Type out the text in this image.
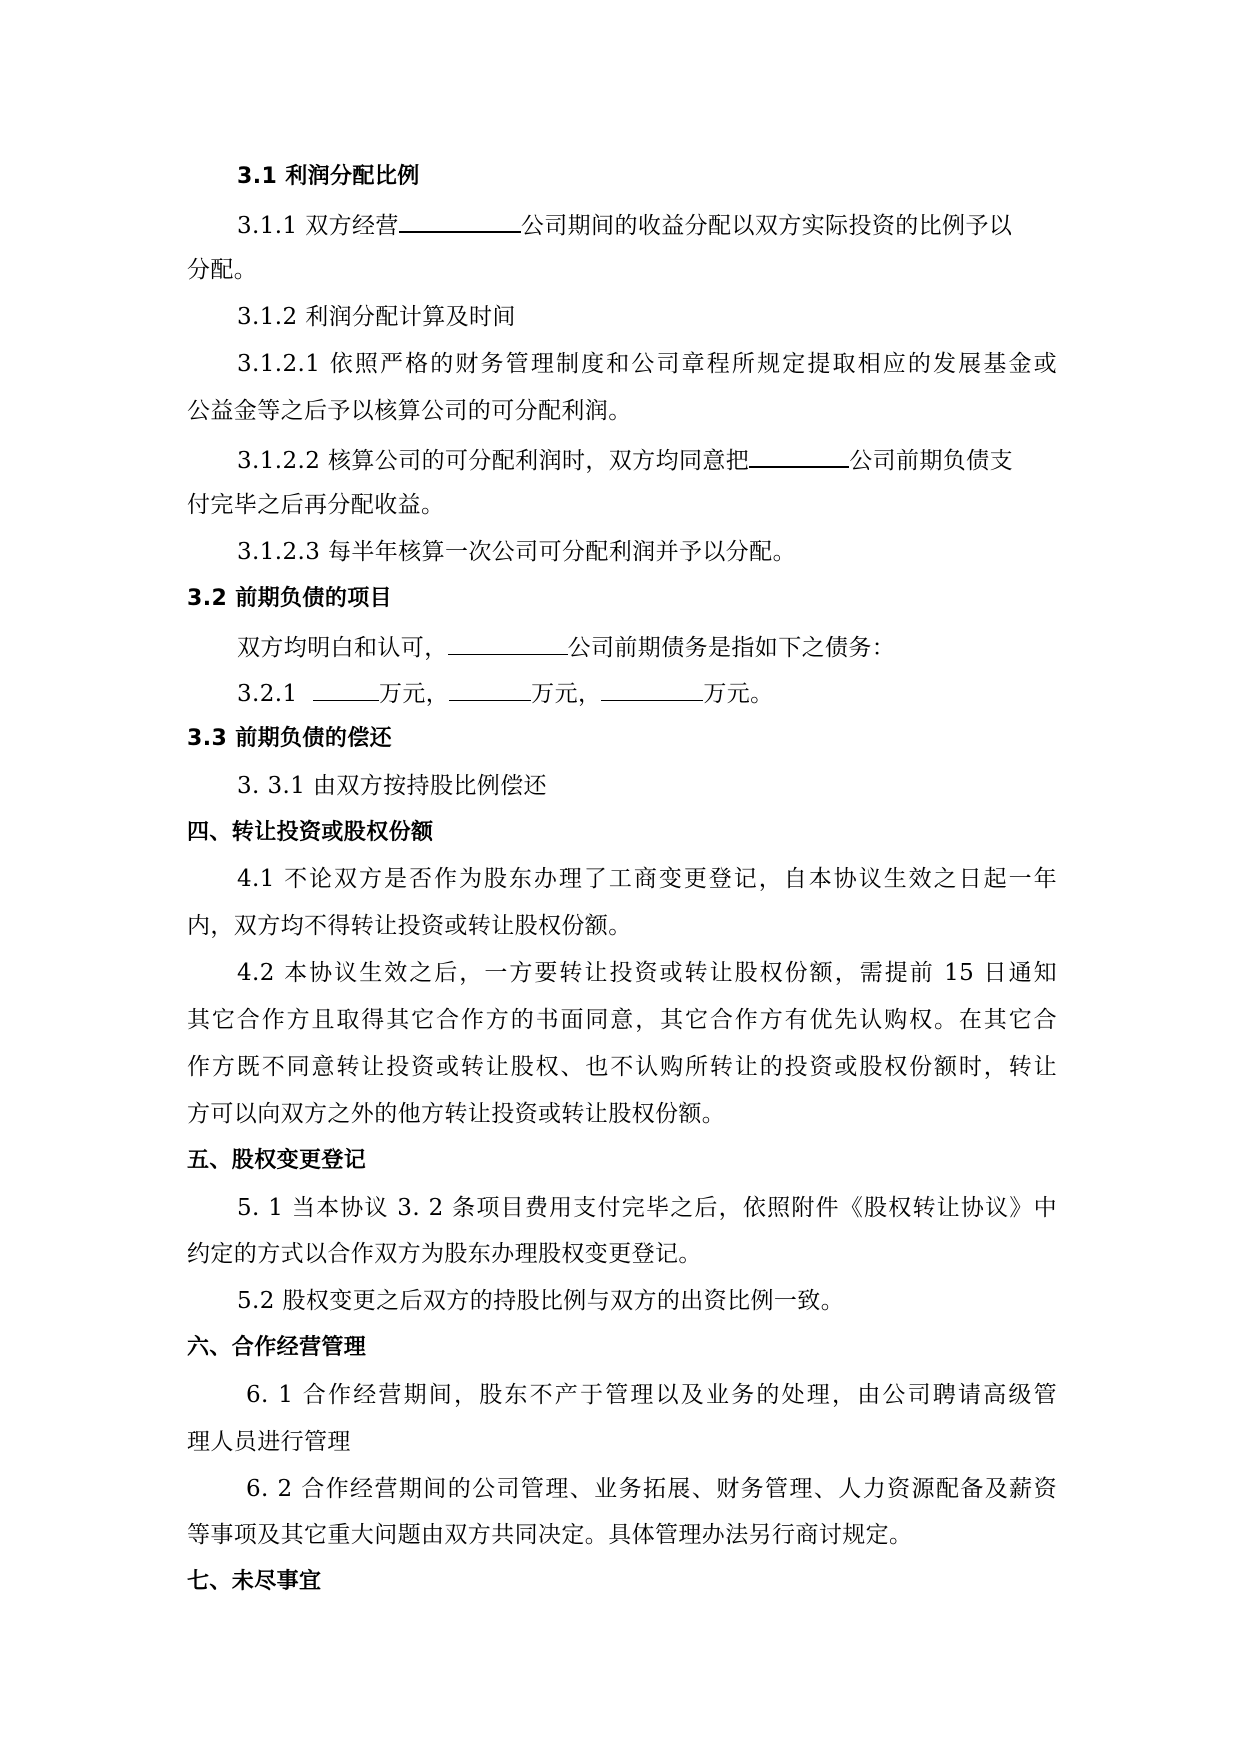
3.1 利润分配比例
3.1.1 双方经营	公司期间的收益分配以双方实际投资的比例予以
分配。
3.1.2 利润分配计算及时间
3.1.2.1 依照严格的财务管理制度和公司章程所规定提取相应的发展基金或
公益金等之后予以核算公司的可分配利润。
3.1.2.2 核算公司的可分配利润时，双方均同意把	公司前期负债支
付完毕之后再分配收益。
3.1.2.3 每半年核算一次公司可分配利润并予以分配。
3.2 前期负债的项目
双方均明白和认可，	公司前期债务是指如下之债务：
3.2.1	万元，	万元，	万元。
3.3 前期负债的偿还
3. 3.1 由双方按持股比例偿还
四、转让投资或股权份额
4.1 不论双方是否作为股东办理了工商变更登记，自本协议生效之日起一年
内，双方均不得转让投资或转让股权份额。
4.2 本协议生效之后，一方要转让投资或转让股权份额，需提前 15 日通知
其它合作方且取得其它合作方的书面同意，其它合作方有优先认购权。在其它合
作方既不同意转让投资或转让股权、也不认购所转让的投资或股权份额时，转让
方可以向双方之外的他方转让投资或转让股权份额。
五、股权变更登记
5. 1 当本协议 3. 2 条项目费用支付完毕之后，依照附件《股权转让协议》中
约定的方式以合作双方为股东办理股权变更登记。
5.2 股权变更之后双方的持股比例与双方的出资比例一致。
六、合作经营管理
6. 1 合作经营期间，股东不产于管理以及业务的处理，由公司聘请高级管
理人员进行管理
6. 2 合作经营期间的公司管理、业务拓展、财务管理、人力资源配备及薪资
等事项及其它重大问题由双方共同决定。具体管理办法另行商讨规定。
七、未尽事宜
